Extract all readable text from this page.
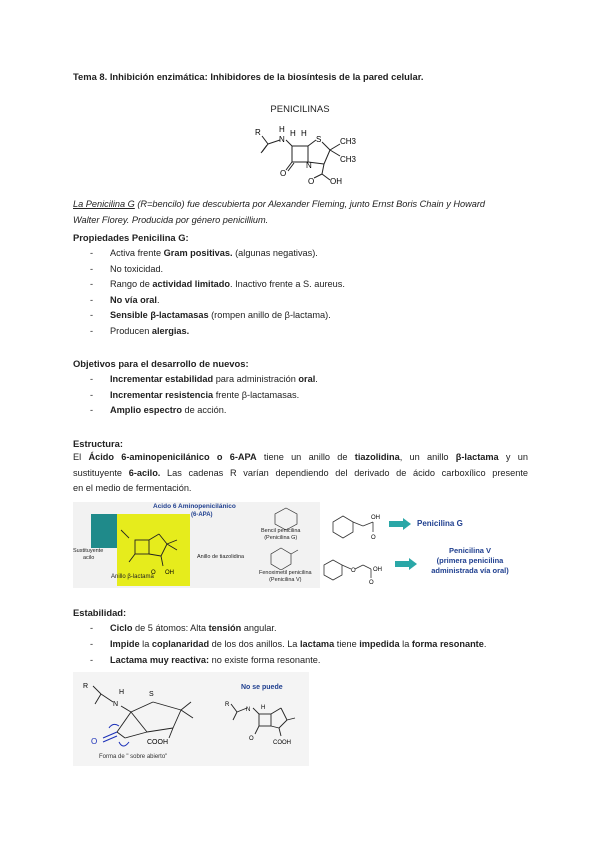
Tema 8. Inhibición enzimática: Inhibidores de la biosíntesis de la pared celular.
PENICILINAS
R
N
H H H
S CH3
CH3
N
O
O OH
La Penicilina G (R=bencilo) fue descubierta por Alexander Fleming, junto Ernst Boris Chain y Howard
Walter Florey. Producida por género penicillium.
Propiedades Penicilina G:
- Activa frente Gram positivas. (algunas negativas).
- No toxicidad.
- Rango de actividad limitado. Inactivo frente a S. aureus.
- No vía oral.
- Sensible β-lactamasas (rompen anillo de β-lactama).
- Producen alergias.
Objetivos para el desarrollo de nuevos:
- Incrementar estabilidad para administración oral.
- Incrementar resistencia frente β-lactamasas.
- Amplio espectro de acción.
Estructura:
El Ácido 6-aminopenicilánico o 6-APA tiene un anillo de tiazolidina, un anillo β-lactama y un
sustituyente 6-acilo. Las cadenas R varían dependiendo del derivado de ácido carboxílico presente
en el medio de fermentación.
Acido 6 Aminopenicilánico
(6-APA)
O OH
Sustituyente
acilo	Anillo de tiazolidina
Anillo β-lactama
Bencil penicilina
(Penicilina G)
Fenoximetil penicilina
(Penicilina V)
OH
O
Penicilina G
O	OH
O
Penicilina V
(primera penicilina
administrada vía oral)
Estabilidad:
- Ciclo de 5 átomos: Alta tensión angular.
- Impide la coplanaridad de los dos anillos. La lactama tiene impedida la forma resonante.
- Lactama muy reactiva: no existe forma resonante.
R
N
H	S
O	COOH
Forma de " sobre abierto"
No se puede
R
N H
O
COOH
